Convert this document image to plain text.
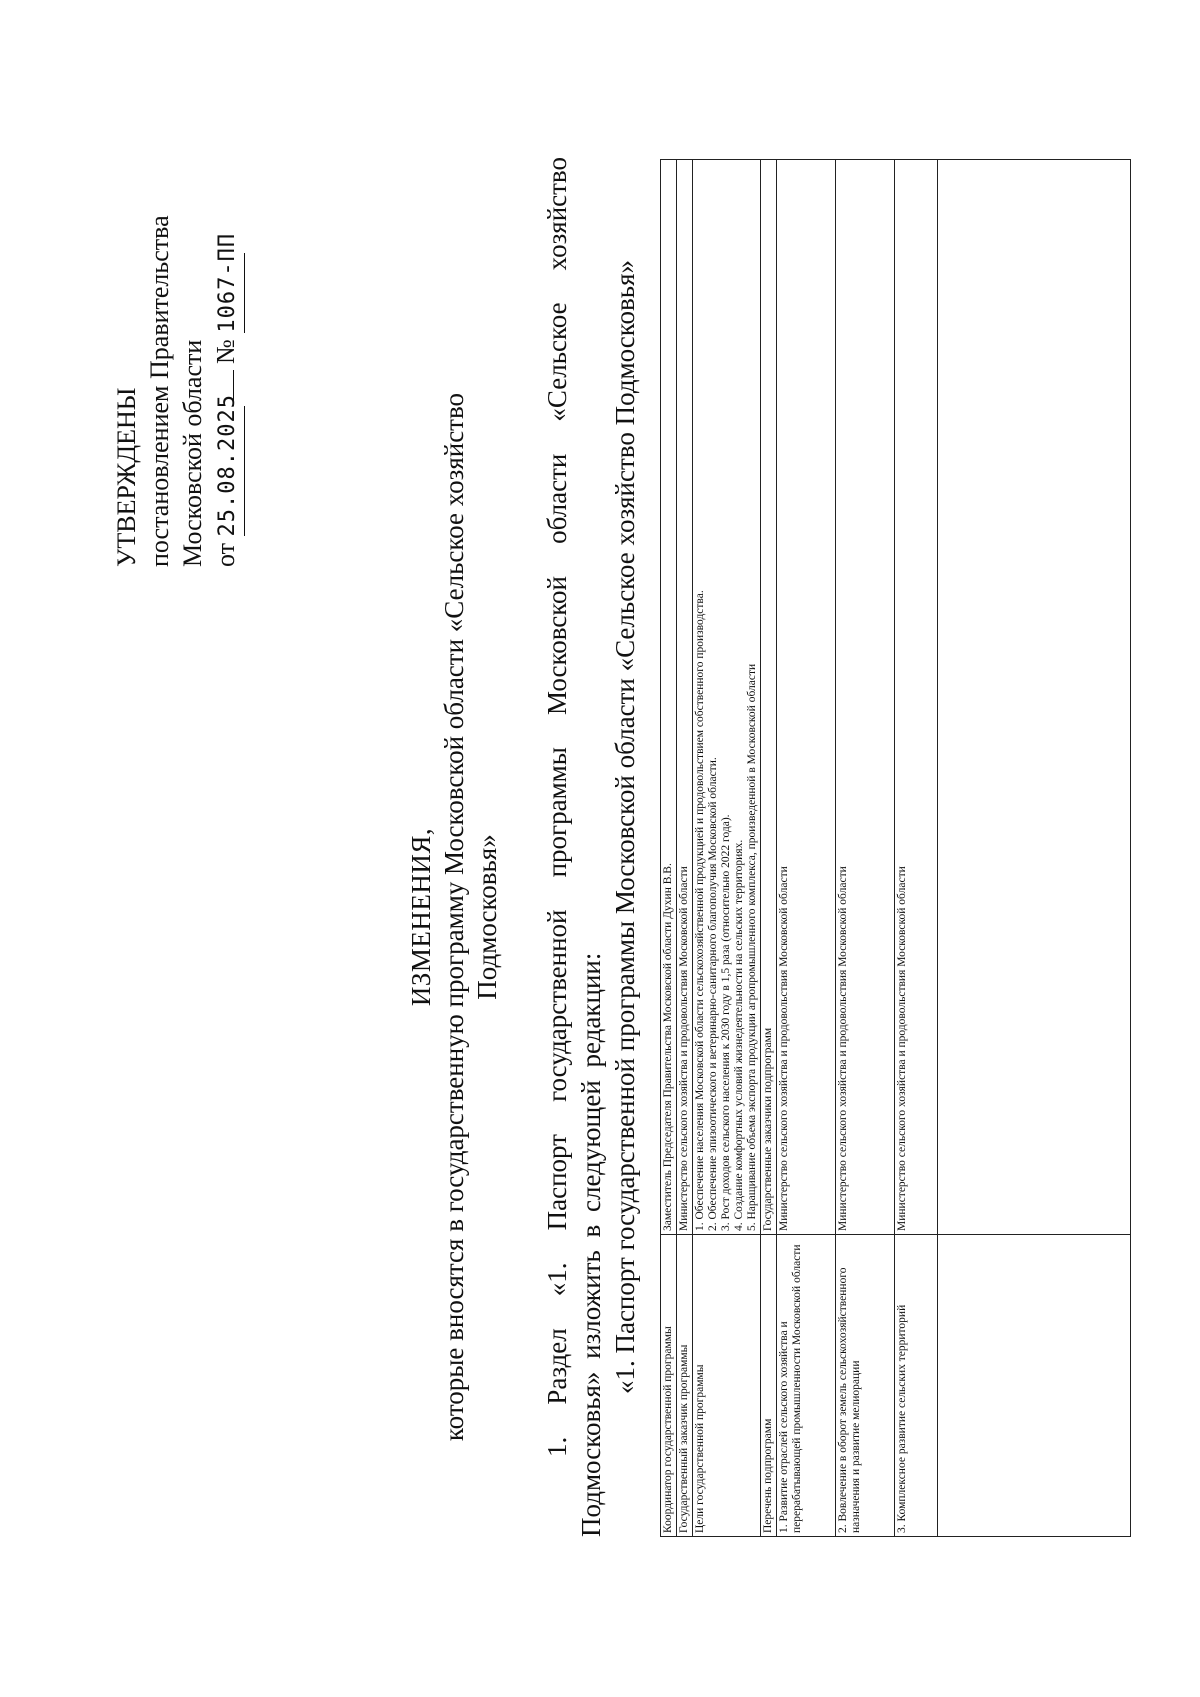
УТВЕРЖДЕНЫ постановлением Правительства Московской области от 25.08.2025 № 1067-ПП
ИЗМЕНЕНИЯ, которые вносятся в государственную программу Московской области «Сельское хозяйство Подмосковья» 1. Раздел «1. Паспорт государственной программы Московской области «Сельское хозяйство Подмосковья» изложить в следующей редакции: «1. Паспорт государственной программы Московской области «Сельское хозяйство Подмосковья»
Координатор государственной программы	Заместитель Председателя Правительства Московской области Духин В.В.
Государственный заказчик программы	Министерство сельского хозяйства и продовольствия Московской области
Цели государственной программы	1. Обеспечение населения Московской области сельскохозяйственной продукцией и продовольствием собственного производства. 2. Обеспечение эпизоотического и ветеринарно-санитарного благополучия Московской области. 3. Рост доходов сельского населения к 2030 году в 1,5 раза (относительно 2022 года). 4. Создание комфортных условий жизнедеятельности на сельских территориях. 5. Наращивание объема экспорта продукции агропромышленного комплекса, произведенной в Московской области

Перечень подпрограмм	Государственные заказчики подпрограмм
1. Развитие отраслей сельского хозяйства и перерабатывающей промышленности Московской области	Министерство сельского хозяйства и продовольствия Московской области
2. Вовлечение в оборот земель сельскохозяйственного назначения и развитие мелиорации	Министерство сельского хозяйства и продовольствия Московской области
3. Комплексное развитие сельских территорий	Министерство сельского хозяйства и продовольствия Московской области
